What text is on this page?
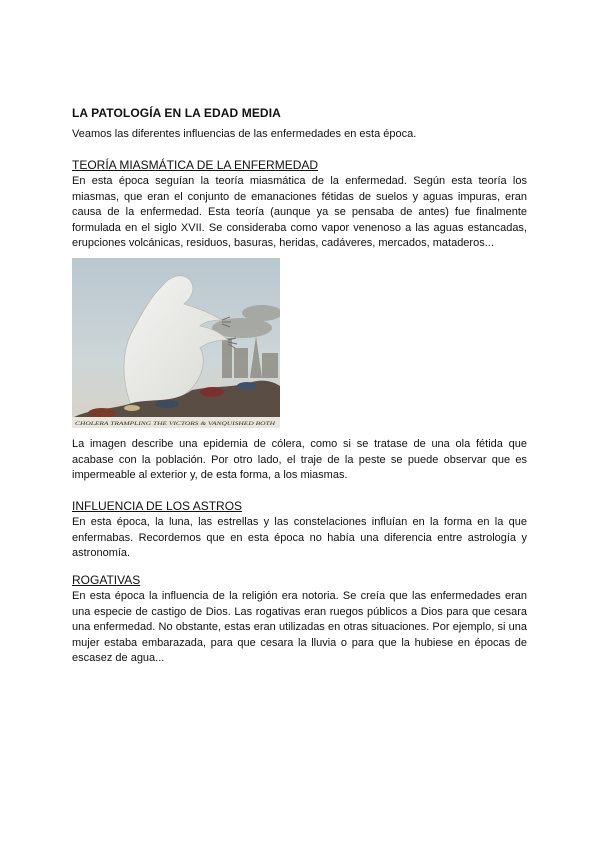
LA PATOLOGÍA EN LA EDAD MEDIA
Veamos las diferentes influencias de las enfermedades en esta época.
TEORÍA MIASMÁTICA DE LA ENFERMEDAD

En esta época seguían la teoría miasmática de la enfermedad. Según esta teoría los miasmas, que eran el conjunto de emanaciones fétidas de suelos y aguas impuras, eran causa de la enfermedad. Esta teoría (aunque ya se pensaba de antes) fue finalmente formulada en el siglo XVII. Se consideraba como vapor venenoso a las aguas estancadas, erupciones volcánicas, residuos, basuras, heridas, cadáveres, mercados, mataderos...

CHOLERA TRAMPLING THE VICTORS & VANQUISHED BOTH

La imagen describe una epidemia de cólera, como si se tratase de una ola fétida que acabase con la población. Por otro lado, el traje de la peste se puede observar que es impermeable al exterior y, de esta forma, a los miasmas.

INFLUENCIA DE LOS ASTROS

En esta época, la luna, las estrellas y las constelaciones influían en la forma en la que enfermabas. Recordemos que en esta época no había una diferencia entre astrología y astronomía.

ROGATIVAS

En esta época la influencia de la religión era notoria. Se creía que las enfermedades eran una especie de castigo de Dios. Las rogativas eran ruegos públicos a Dios para que cesara una enfermedad. No obstante, estas eran utilizadas en otras situaciones. Por ejemplo, si una mujer estaba embarazada, para que cesara la lluvia o para que la hubiese en épocas de escasez de agua...
